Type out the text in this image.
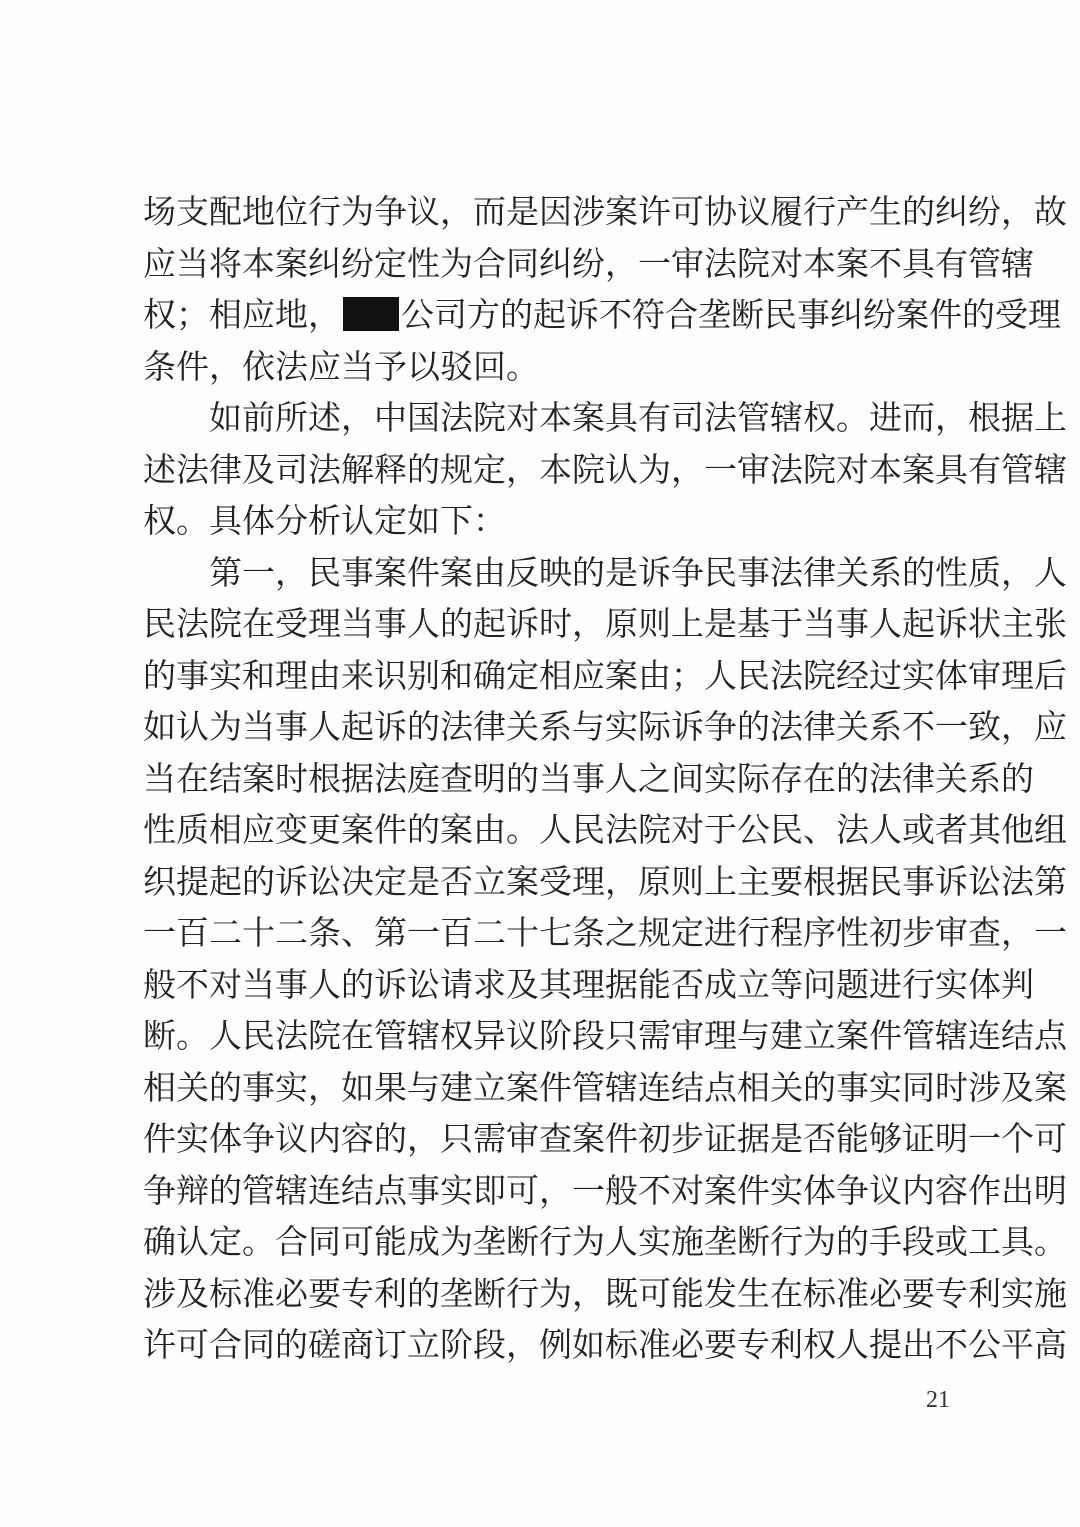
场支配地位行为争议，而是因涉案许可协议履行产生的纠纷，故
应当将本案纠纷定性为合同纠纷，一审法院对本案不具有管辖
权；相应地， 公司方的起诉不符合垄断民事纠纷案件的受理
条件，依法应当予以驳回。
如前所述，中国法院对本案具有司法管辖权。进而，根据上
述法律及司法解释的规定，本院认为，一审法院对本案具有管辖
权。具体分析认定如下：
第一，民事案件案由反映的是诉争民事法律关系的性质，人
民法院在受理当事人的起诉时，原则上是基于当事人起诉状主张
的事实和理由来识别和确定相应案由；人民法院经过实体审理后
如认为当事人起诉的法律关系与实际诉争的法律关系不一致，应
当在结案时根据法庭查明的当事人之间实际存在的法律关系的
性质相应变更案件的案由。人民法院对于公民、法人或者其他组
织提起的诉讼决定是否立案受理，原则上主要根据民事诉讼法第
一百二十二条、第一百二十七条之规定进行程序性初步审查，一
般不对当事人的诉讼请求及其理据能否成立等问题进行实体判
断。人民法院在管辖权异议阶段只需审理与建立案件管辖连结点
相关的事实，如果与建立案件管辖连结点相关的事实同时涉及案
件实体争议内容的，只需审查案件初步证据是否能够证明一个可
争辩的管辖连结点事实即可，一般不对案件实体争议内容作出明
确认定。合同可能成为垄断行为人实施垄断行为的手段或工具。
涉及标准必要专利的垄断行为，既可能发生在标准必要专利实施
许可合同的磋商订立阶段，例如标准必要专利权人提出不公平高
21
